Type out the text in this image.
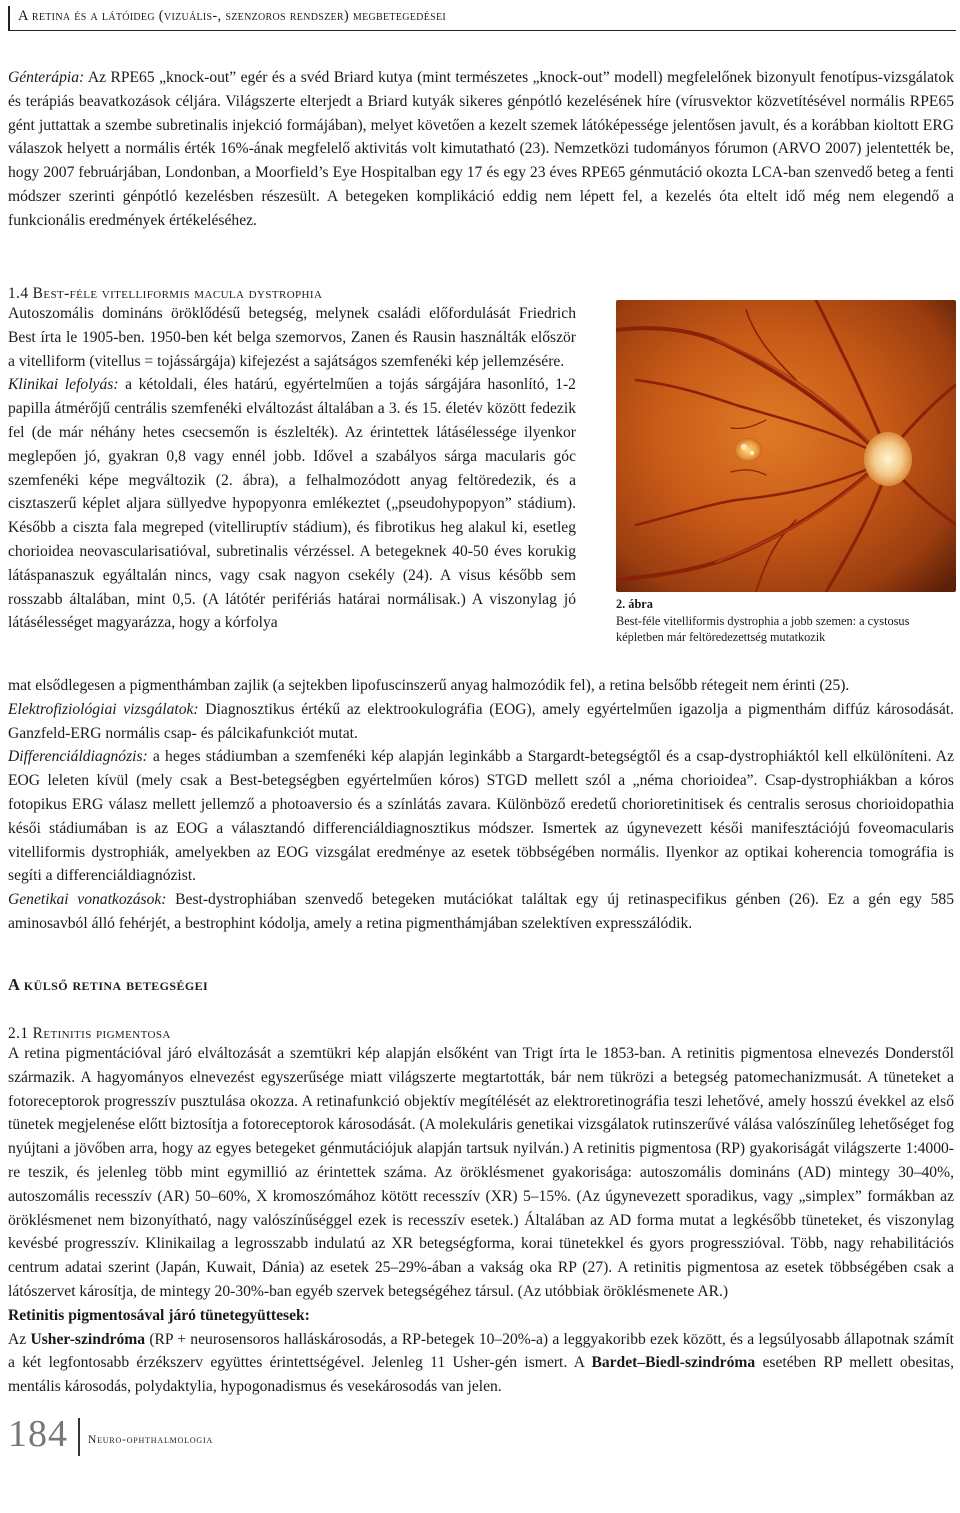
A retina és a látóideg (vizuális-, szenzoros rendszer) megbetegedései

Génterápia: Az RPE65 „knock-out” egér és a svéd Briard kutya (mint természetes „knock-out” modell) megfelelőnek bizonyult fenotípus-vizsgálatok és terápiás beavatkozások céljára. Világszerte elterjedt a Briard kutyák sikeres génpótló kezelésének híre (vírusvektor közvetítésével normális RPE65 gént juttattak a szembe subretinalis injekció formájában), melyet követően a kezelt szemek látóképessége jelentősen javult, és a korábban kioltott ERG válaszok helyett a normális érték 16%-ának megfelelő aktivitás volt kimutatható (23). Nemzetközi tudományos fórumon (ARVO 2007) jelentették be, hogy 2007 februárjában, Londonban, a Moorfield’s Eye Hospitalban egy 17 és egy 23 éves RPE65 génmutáció okozta LCA-ban szenvedő beteg a fenti módszer szerinti génpótló kezelésben részesült. A betegeken komplikáció eddig nem lépett fel, a kezelés óta eltelt idő még nem elegendő a funkcionális eredmények értékeléséhez.

1.4 Best-féle vitelliformis macula dystrophia

Autoszomális domináns öröklődésű betegség, melynek családi előfordulását Friedrich Best írta le 1905-ben. 1950-ben két belga szemorvos, Zanen és Rausin használták először a vitelliform (vitellus = tojássárgája) kifejezést a sajátságos szemfenéki kép jellemzésére.

Klinikai lefolyás: a kétoldali, éles határú, egyértelműen a tojás sárgájára hasonlító, 1-2 papilla átmérőjű centrális szemfenéki elváltozást általában a 3. és 15. életév között fedezik fel (de már néhány hetes csecsemőn is észlelték). Az érintettek látásélessége ilyenkor meglepően jó, gyakran 0,8 vagy ennél jobb. Idővel a szabályos sárga macularis góc szemfenéki képe megváltozik (2. ábra), a felhalmozódott anyag feltöredezik, és a cisztaszerű képlet aljara süllyedve hypopyonra emlékeztet („pseudohypopyon” stádium). Később a ciszta fala megreped (vitelliruptív stádium), és fibrotikus heg alakul ki, esetleg chorioidea neovascularisatióval, subretinalis vérzéssel. A betegeknek 40-50 éves korukig látáspanaszuk egyáltalán nincs, vagy csak nagyon csekély (24). A visus később sem rosszabb általában, mint 0,5. (A látótér perifériás határai normálisak.) A viszonylag jó látásélességet magyarázza, hogy a kórfolya

2. ábra
Best-féle vitelliformis dystrophia a jobb szemen: a cystosus képletben már feltöredezettség mutatkozik

mat elsődlegesen a pigmenthámban zajlik (a sejtekben lipofuscinszerű anyag halmozódik fel), a retina belsőbb rétegeit nem érinti (25).

Elektrofiziológiai vizsgálatok: Diagnosztikus értékű az elektrookulográfia (EOG), amely egyértelműen igazolja a pigmenthám diffúz károsodását. Ganzfeld-ERG normális csap- és pálcikafunkciót mutat.

Differenciáldiagnózis: a heges stádiumban a szemfenéki kép alapján leginkább a Stargardt-betegségtől és a csap-dystrophiáktól kell elkülöníteni. Az EOG leleten kívül (mely csak a Best-betegségben egyértelműen kóros) STGD mellett szól a „néma chorioidea”. Csap-dystrophiákban a kóros fotopikus ERG válasz mellett jellemző a photoaversio és a színlátás zavara. Különböző eredetű chorioretinitisek és centralis serosus chorioidopathia késői stádiumában is az EOG a választandó differenciáldiagnosztikus módszer. Ismertek az úgynevezett késői manifesztációjú foveomacularis vitelliformis dystrophiák, amelyekben az EOG vizsgálat eredménye az esetek többségében normális. Ilyenkor az optikai koherencia tomográfia is segíti a differenciáldiagnózist.

Genetikai vonatkozások: Best-dystrophiában szenvedő betegeken mutációkat találtak egy új retinaspecifikus génben (26). Ez a gén egy 585 aminosavból álló fehérjét, a bestrophint kódolja, amely a retina pigmenthámjában szelektíven expresszálódik.

A külső retina betegségei
2.1 Retinitis pigmentosa

A retina pigmentációval járó elváltozását a szemtükri kép alapján elsőként van Trigt írta le 1853-ban. A retinitis pigmentosa elnevezés Donderstől származik. A hagyományos elnevezést egyszerűsége miatt világszerte megtartották, bár nem tükrözi a betegség patomechanizmusát. A tüneteket a fotoreceptorok progresszív pusztulása okozza. A retinafunkció objektív megítélését az elektroretinográfia teszi lehetővé, amely hosszú évekkel az első tünetek megjelenése előtt biztosítja a fotoreceptorok károsodását. (A molekuláris genetikai vizsgálatok rutinszerűvé válása valószínűleg lehetőséget fog nyújtani a jövőben arra, hogy az egyes betegeket génmutációjuk alapján tartsuk nyilván.) A retinitis pigmentosa (RP) gyakoriságát világszerte 1:4000-re teszik, és jelenleg több mint egymillió az érintettek száma. Az öröklésmenet gyakorisága: autoszomális domináns (AD) mintegy 30–40%, autoszomális recesszív (AR) 50–60%, X kromoszómához kötött recesszív (XR) 5–15%. (Az úgynevezett sporadikus, vagy „simplex” formákban az öröklésmenet nem bizonyítható, nagy valószínűséggel ezek is recesszív esetek.) Általában az AD forma mutat a legkésőbb tüneteket, és viszonylag kevésbé progresszív. Klinikailag a legrosszabb indulatú az XR betegségforma, korai tünetekkel és gyors progresszióval. Több, nagy rehabilitációs centrum adatai szerint (Japán, Kuwait, Dánia) az esetek 25–29%-ában a vakság oka RP (27). A retinitis pigmentosa az esetek többségében csak a látószervet károsítja, de mintegy 20-30%-ban egyéb szervek betegségéhez társul. (Az utóbbiak öröklésmenete AR.)

Retinitis pigmentosával járó tünetegyüttesek:

Az Usher-szindróma (RP + neurosensoros halláskárosodás, a RP-betegek 10–20%-a) a leggyakoribb ezek között, és a legsúlyosabb állapotnak számít a két legfontosabb érzékszerv együttes érintettségével. Jelenleg 11 Usher-gén ismert. A Bardet–Biedl-szindróma esetében RP mellett obesitas, mentális károsodás, polydaktylia, hypogonadismus és vesekárosodás van jelen.

184 Neuro-ophthalmologia
